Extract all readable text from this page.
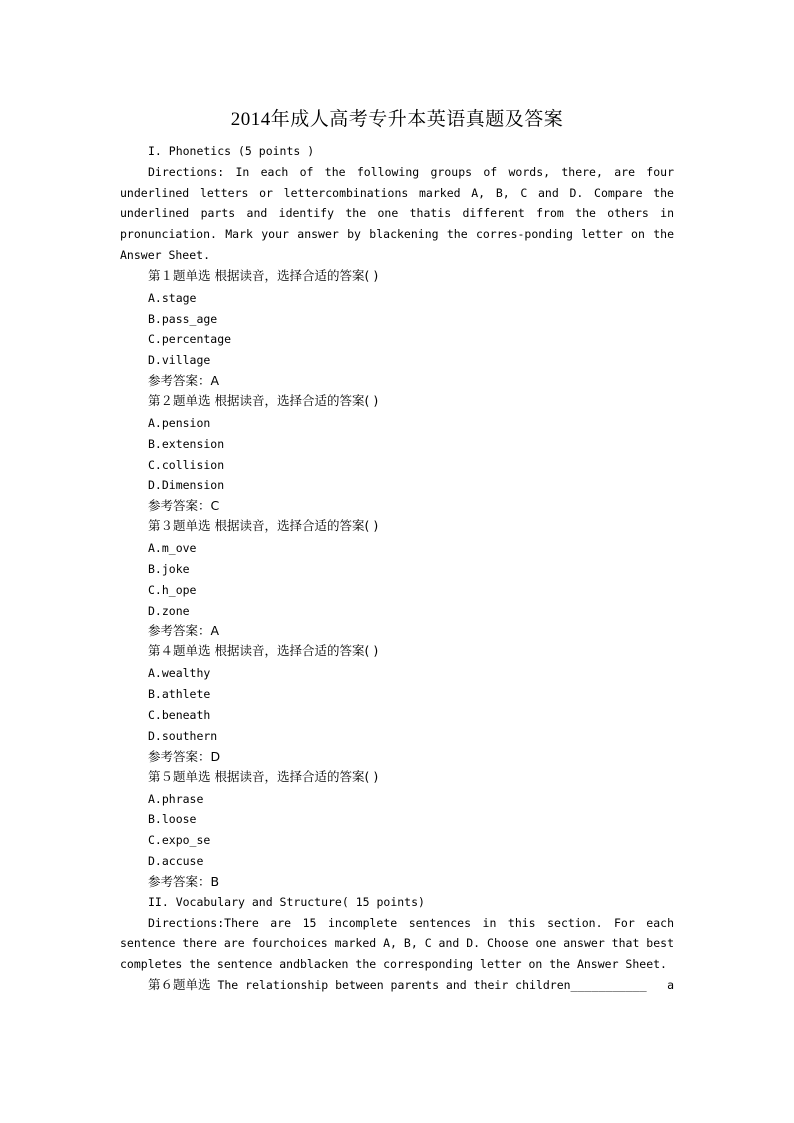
2014年成人高考专升本英语真题及答案
I. Phonetics (5 points )
Directions: In each of the following groups of words, there, are four underlined letters or lettercombinations marked A, B, C and D. Compare the underlined parts and identify the one thatis different from the others in pronunciation. Mark your answer by blackening the corres-ponding letter on the Answer Sheet.
第１题单选 根据读音，选择合适的答案( )
A.stage
B.pass_age
C.percentage
D.village
参考答案：A
第２题单选 根据读音，选择合适的答案( )
A.pension
B.extension
C.collision
D.Dimension
参考答案：C
第３题单选 根据读音，选择合适的答案( )
A.m_ove
B.joke
C.h_ope
D.zone
参考答案：A
第４题单选 根据读音，选择合适的答案( )
A.wealthy
B.athlete
C.beneath
D.southern
参考答案：D
第５题单选 根据读音，选择合适的答案( )
A.phrase
B.loose
C.expo_se
D.accuse
参考答案：B
II. Vocabulary and Structure( 15 points)
Directions:There are 15 incomplete sentences in this section. For each sentence there are fourchoices marked A, B, C and D. Choose one answer that best completes the sentence andblacken the corresponding letter on the Answer Sheet.
第６题单选
The relationship between parents and their children___________	a
